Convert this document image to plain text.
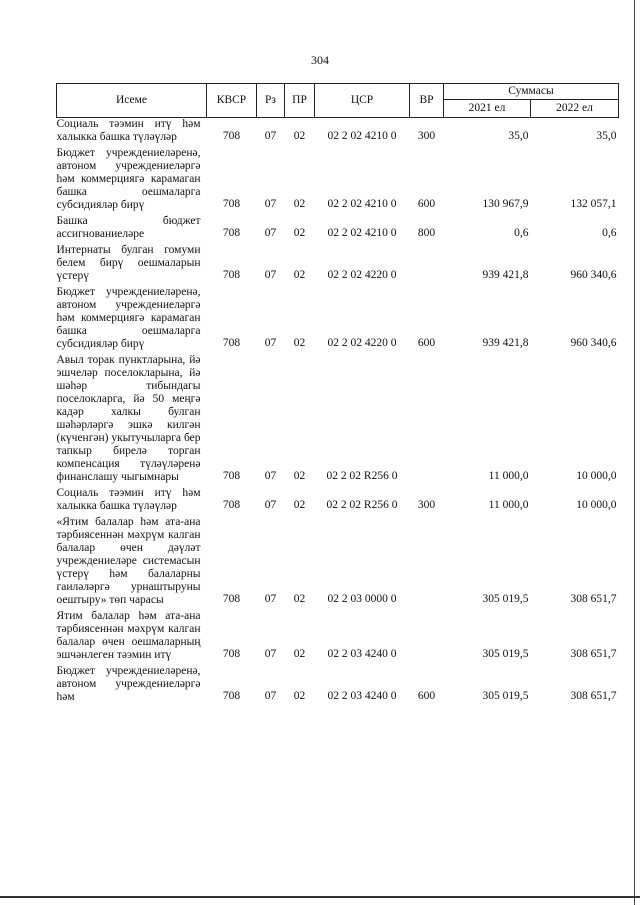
304
Исеме	КВСР	Рз	ПР	ЦСР	ВР	Суммасы	
						2021 ел	2022 ел
Социаль тәэмин итү һәм халыкка башка түләүләр	708	07	02	02 2 02 4210 0	300	35,0	35,0
Бюджет учреждениеләренә, автоном учреждениеләргә һәм коммерциягә карамаган башка оешмаларга субсидияләр бирү	708	07	02	02 2 02 4210 0	600	130 967,9	132 057,1
Башка бюджет ассигнованиеләре	708	07	02	02 2 02 4210 0	800	0,6	0,6
Интернаты булган гомуми белем бирү оешмаларын үстерү	708	07	02	02 2 02 4220 0		939 421,8	960 340,6
Бюджет учреждениеләренә, автоном учреждениеләргә һәм коммерциягә карамаган башка оешмаларга субсидияләр бирү	708	07	02	02 2 02 4220 0	600	939 421,8	960 340,6
Авыл торак пунктларына, йә эшчеләр поселокларына, йә шәһәр тибындагы поселокларга, йә 50 меңгә кадәр халкы булган шәһәрләргә эшкә килгән (күченгән) укытучыларга бер тапкыр бирелә торган компенсация түләүләренә финанслашу чыгымнары	708	07	02	02 2 02 R256 0		11 000,0	10 000,0
Социаль тәэмин итү һәм халыкка башка түләүләр	708	07	02	02 2 02 R256 0	300	11 000,0	10 000,0
«Ятим балалар һәм ата-ана тәрбиясеннән мәхрүм калган балалар өчен дәүләт учреждениеләре системасын үстерү һәм балаларны гаиләләргә урнаштыруны оештыру» төп чарасы	708	07	02	02 2 03 0000 0		305 019,5	308 651,7
Ятим балалар һәм ата-ана тәрбиясеннән мәхрүм калган балалар өчен оешмаларның эшчәнлеген тәэмин итү	708	07	02	02 2 03 4240 0		305 019,5	308 651,7
Бюджет учреждениеләренә, автоном учреждениеләргә һәм	708	07	02	02 2 03 4240 0	600	305 019,5	308 651,7
